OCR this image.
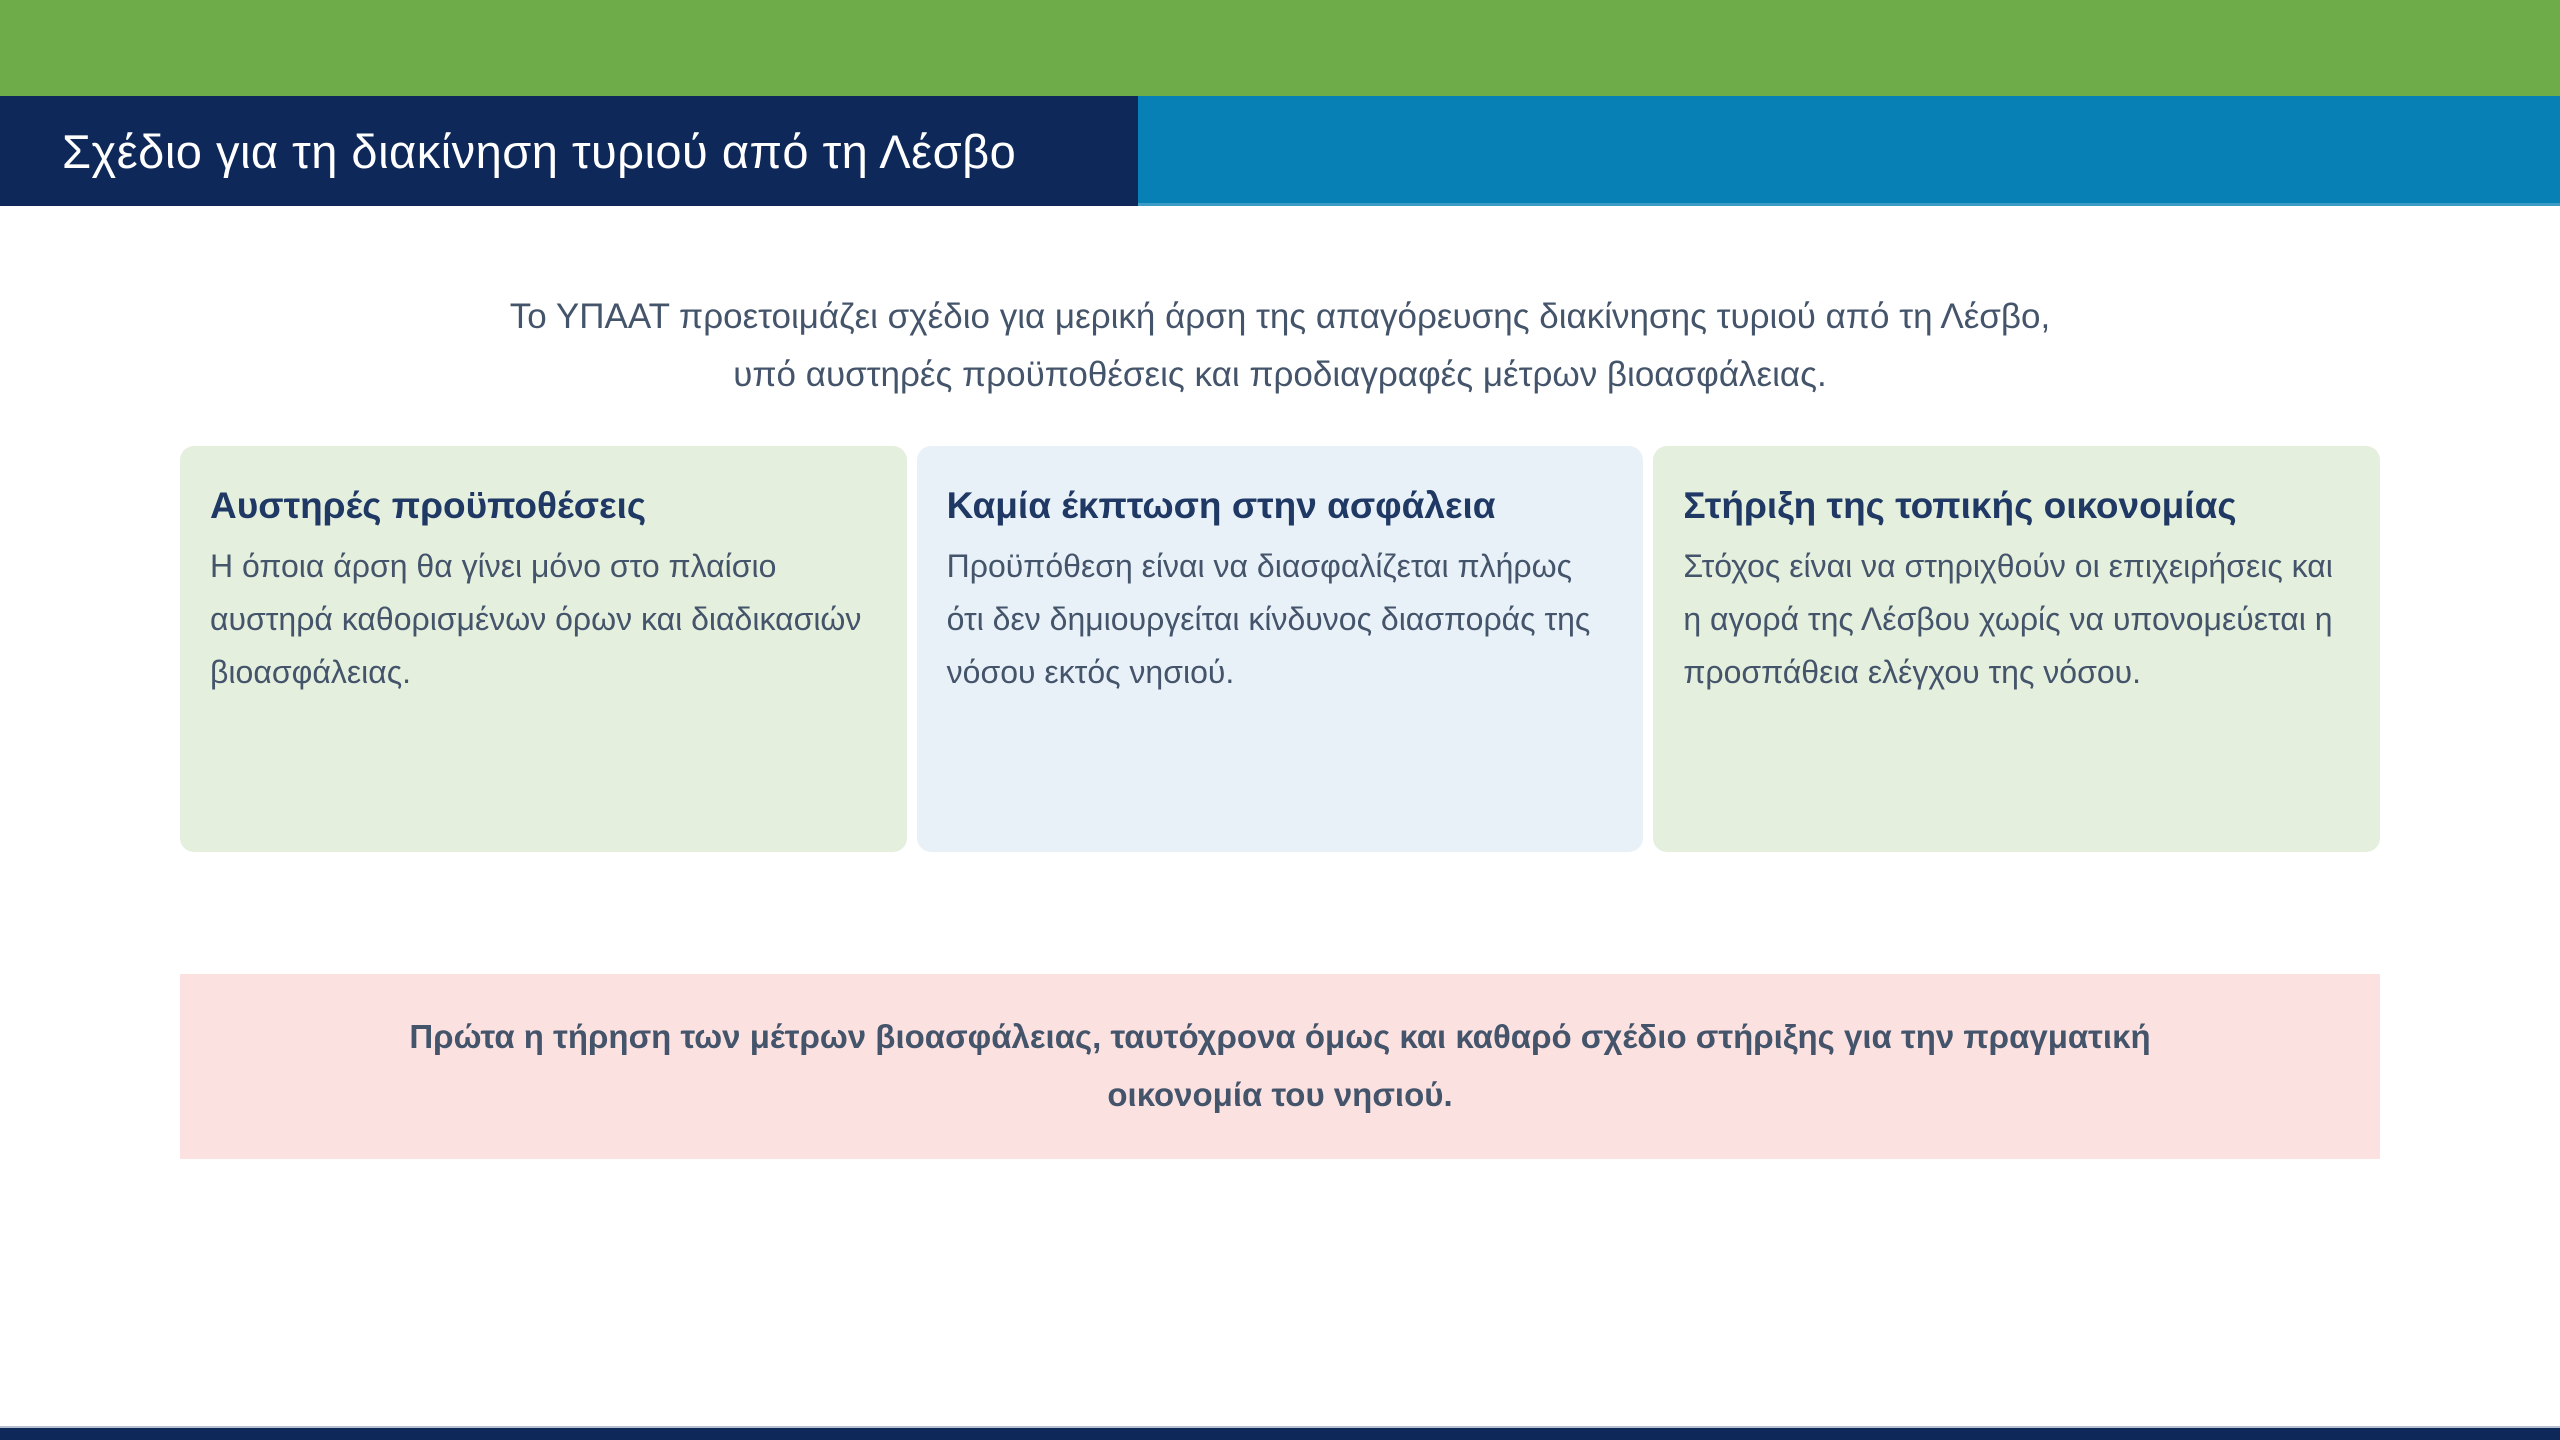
Σχέδιο για τη διακίνηση τυριού από τη Λέσβο
Το ΥΠΑΑΤ προετοιμάζει σχέδιο για μερική άρση της απαγόρευσης διακίνησης τυριού από τη Λέσβο,
υπό αυστηρές προϋποθέσεις και προδιαγραφές μέτρων βιοασφάλειας.
Αυστηρές προϋποθέσεις

Η όποια άρση θα γίνει μόνο στο πλαίσιο αυστηρά καθορισμένων όρων και διαδικασιών βιοασφάλειας.

Καμία έκπτωση στην ασφάλεια

Προϋπόθεση είναι να διασφαλίζεται πλήρως ότι δεν δημιουργείται κίνδυνος διασποράς της νόσου εκτός νησιού.

Στήριξη της τοπικής οικονομίας

Στόχος είναι να στηριχθούν οι επιχειρήσεις και η αγορά της Λέσβου χωρίς να υπονομεύεται η προσπάθεια ελέγχου της νόσου.

Πρώτα η τήρηση των μέτρων βιοασφάλειας, ταυτόχρονα όμως και καθαρό σχέδιο στήριξης για την πραγματική
οικονομία του νησιού.
